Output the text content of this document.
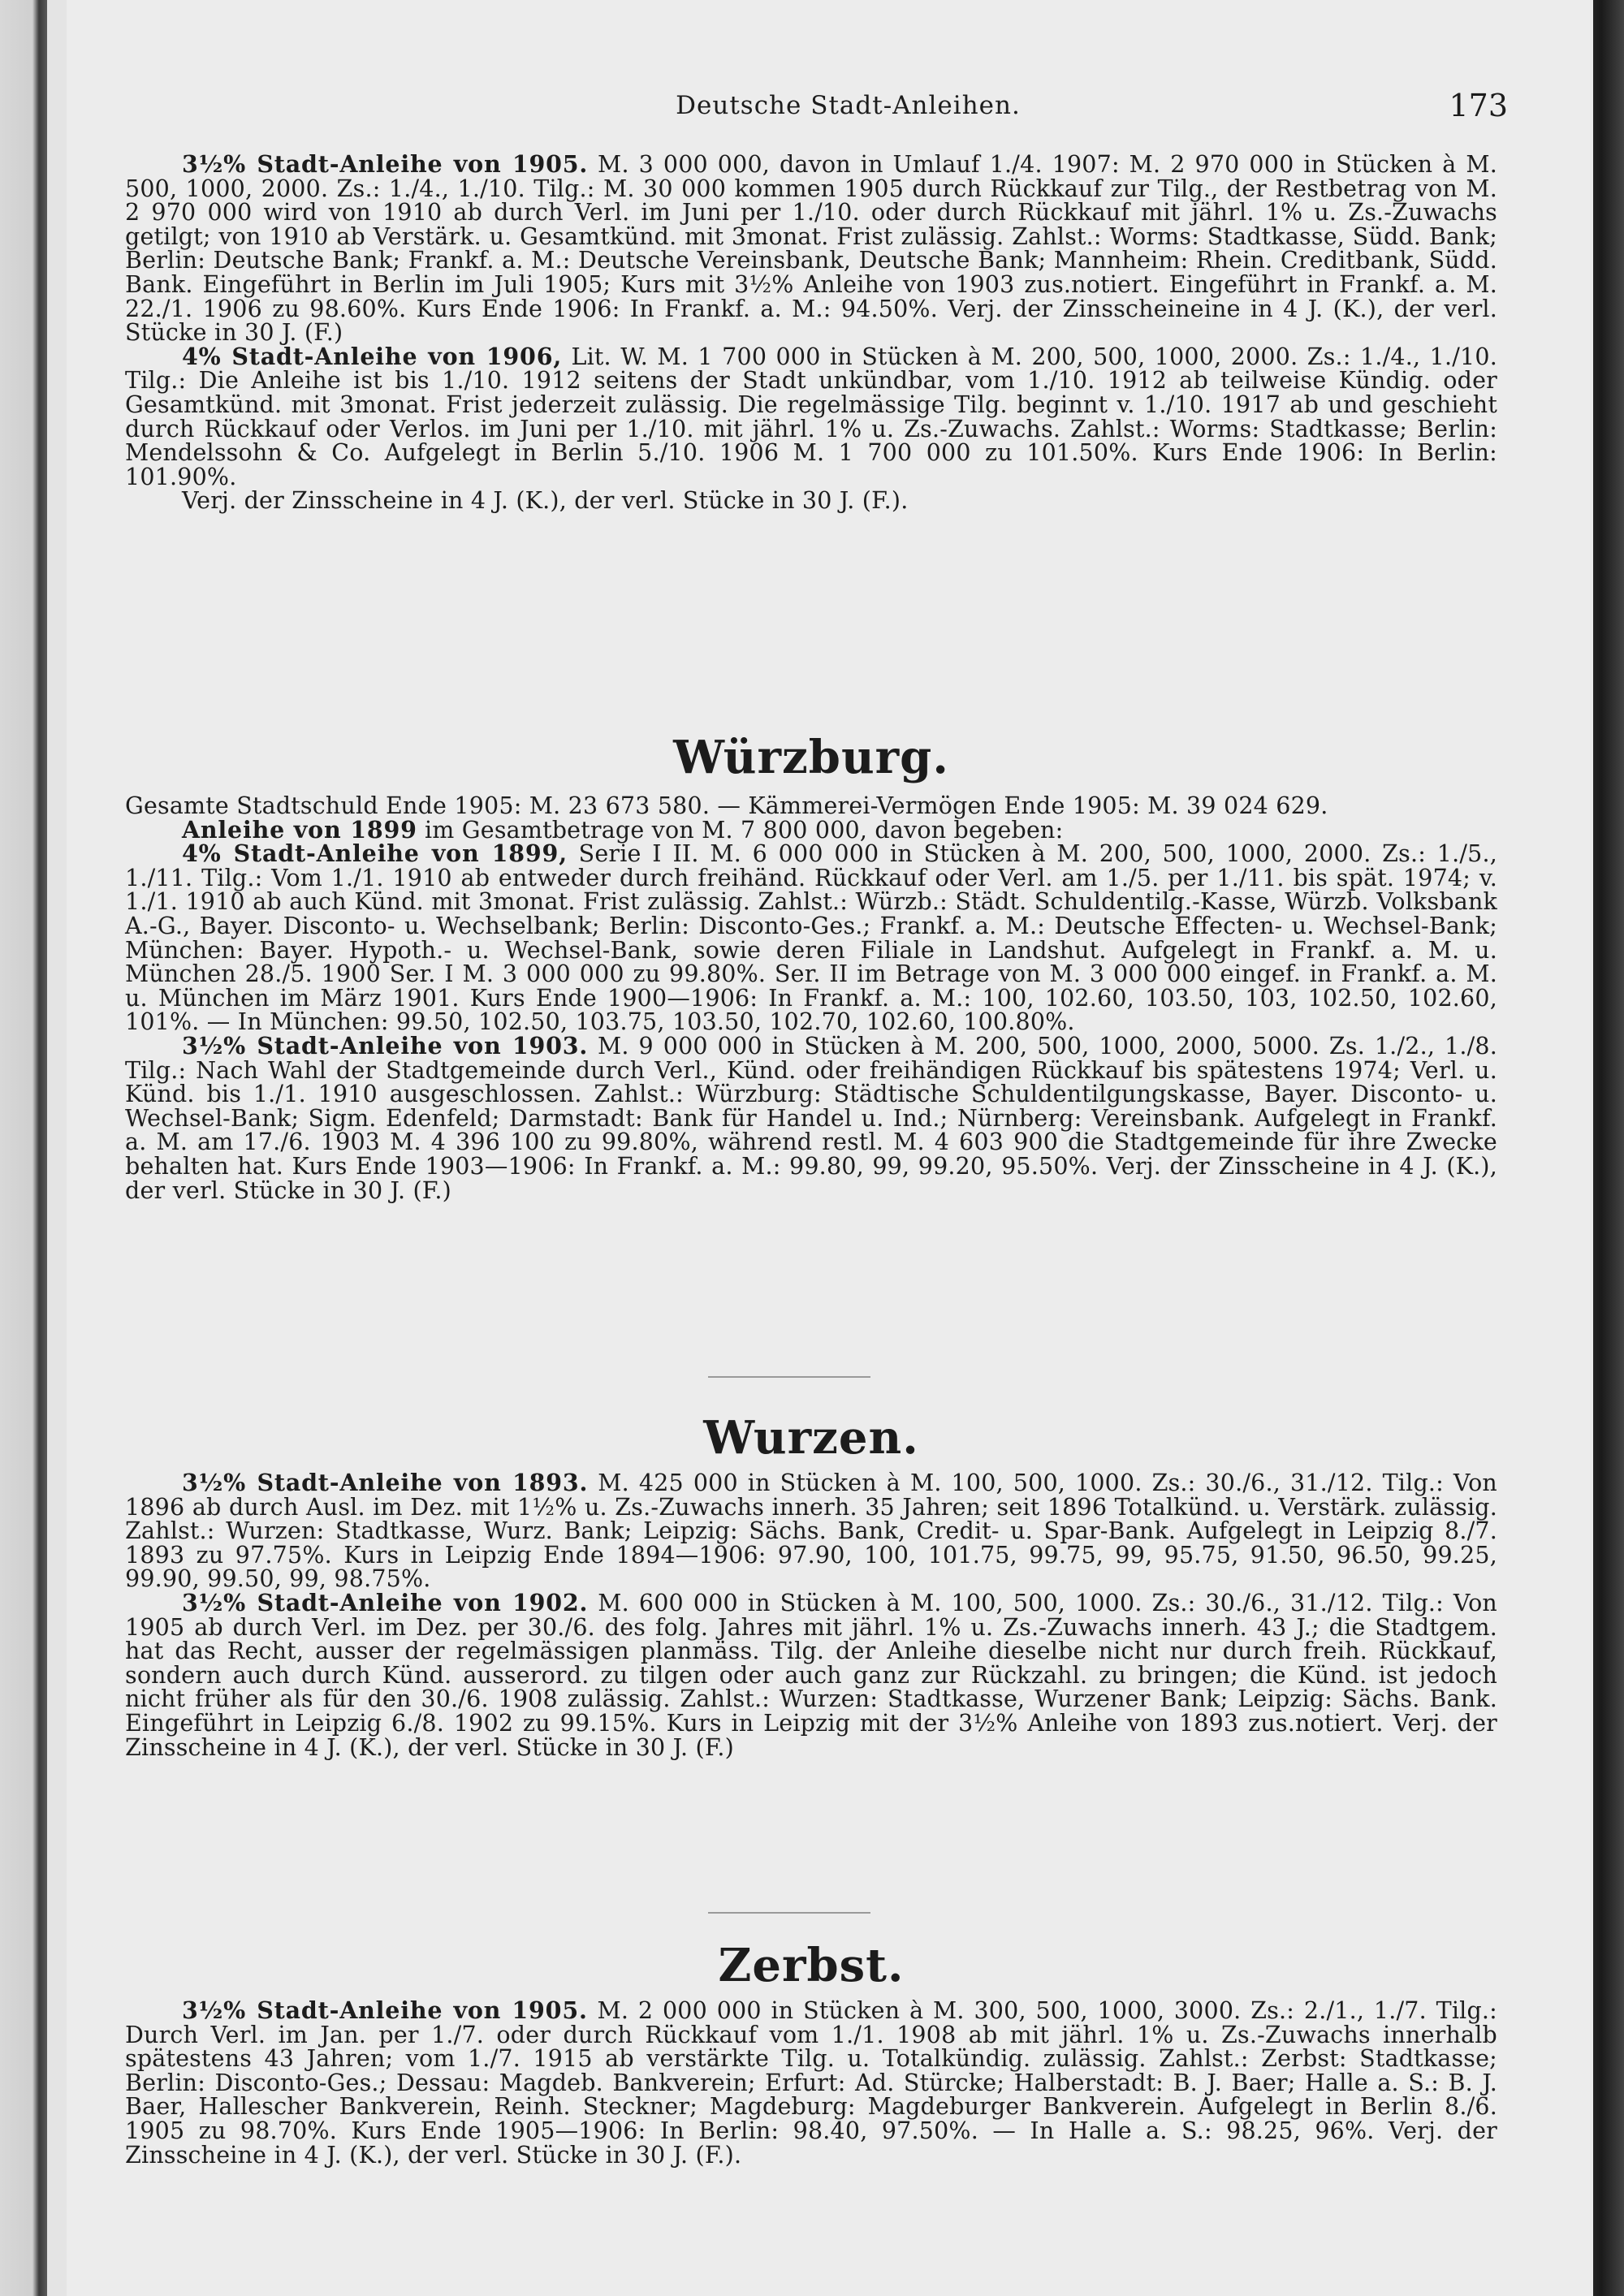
Deutsche Stadt-Anleihen.	173

3½% Stadt-Anleihe von 1905. M. 3 000 000, davon in Umlauf 1./4. 1907: M. 2 970 000 in Stücken à M. 500, 1000, 2000. Zs.: 1./4., 1./10. Tilg.: M. 30 000 kommen 1905 durch Rückkauf zur Tilg., der Restbetrag von M. 2 970 000 wird von 1910 ab durch Verl. im Juni per 1./10. oder durch Rückkauf mit jährl. 1% u. Zs.-Zuwachs getilgt; von 1910 ab Verstärk. u. Gesamtkünd. mit 3monat. Frist zulässig. Zahlst.: Worms: Stadtkasse, Südd. Bank; Berlin: Deutsche Bank; Frankf. a. M.: Deutsche Vereinsbank, Deutsche Bank; Mannheim: Rhein. Creditbank, Südd. Bank. Eingeführt in Berlin im Juli 1905; Kurs mit 3½% Anleihe von 1903 zus.notiert. Eingeführt in Frankf. a. M. 22./1. 1906 zu 98.60%. Kurs Ende 1906: In Frankf. a. M.: 94.50%. Verj. der Zinsscheineine in 4 J. (K.), der verl. Stücke in 30 J. (F.)

4% Stadt-Anleihe von 1906, Lit. W. M. 1 700 000 in Stücken à M. 200, 500, 1000, 2000. Zs.: 1./4., 1./10. Tilg.: Die Anleihe ist bis 1./10. 1912 seitens der Stadt unkündbar, vom 1./10. 1912 ab teilweise Kündig. oder Gesamtkünd. mit 3monat. Frist jederzeit zulässig. Die regelmässige Tilg. beginnt v. 1./10. 1917 ab und geschieht durch Rückkauf oder Verlos. im Juni per 1./10. mit jährl. 1% u. Zs.-Zuwachs. Zahlst.: Worms: Stadtkasse; Berlin: Mendelssohn & Co. Aufgelegt in Berlin 5./10. 1906 M. 1 700 000 zu 101.50%. Kurs Ende 1906: In Berlin: 101.90%.

Verj. der Zinsscheine in 4 J. (K.), der verl. Stücke in 30 J. (F.).

Würzburg.

Gesamte Stadtschuld Ende 1905: M. 23 673 580. — Kämmerei-Vermögen Ende 1905: M. 39 024 629.

Anleihe von 1899 im Gesamtbetrage von M. 7 800 000, davon begeben:

4% Stadt-Anleihe von 1899, Serie I II. M. 6 000 000 in Stücken à M. 200, 500, 1000, 2000. Zs.: 1./5., 1./11. Tilg.: Vom 1./1. 1910 ab entweder durch freihänd. Rückkauf oder Verl. am 1./5. per 1./11. bis spät. 1974; v. 1./1. 1910 ab auch Künd. mit 3monat. Frist zulässig. Zahlst.: Würzb.: Städt. Schuldentilg.-Kasse, Würzb. Volksbank A.-G., Bayer. Disconto- u. Wechselbank; Berlin: Disconto-Ges.; Frankf. a. M.: Deutsche Effecten- u. Wechsel-Bank; München: Bayer. Hypoth.- u. Wechsel-Bank, sowie deren Filiale in Landshut. Aufgelegt in Frankf. a. M. u. München 28./5. 1900 Ser. I M. 3 000 000 zu 99.80%. Ser. II im Betrage von M. 3 000 000 eingef. in Frankf. a. M. u. München im März 1901. Kurs Ende 1900—1906: In Frankf. a. M.: 100, 102.60, 103.50, 103, 102.50, 102.60, 101%. — In München: 99.50, 102.50, 103.75, 103.50, 102.70, 102.60, 100.80%.

3½% Stadt-Anleihe von 1903. M. 9 000 000 in Stücken à M. 200, 500, 1000, 2000, 5000. Zs. 1./2., 1./8. Tilg.: Nach Wahl der Stadtgemeinde durch Verl., Künd. oder freihändigen Rückkauf bis spätestens 1974; Verl. u. Künd. bis 1./1. 1910 ausgeschlossen. Zahlst.: Würzburg: Städtische Schuldentilgungskasse, Bayer. Disconto- u. Wechsel-Bank; Sigm. Edenfeld; Darmstadt: Bank für Handel u. Ind.; Nürnberg: Vereinsbank. Aufgelegt in Frankf. a. M. am 17./6. 1903 M. 4 396 100 zu 99.80%, während restl. M. 4 603 900 die Stadtgemeinde für ihre Zwecke behalten hat. Kurs Ende 1903—1906: In Frankf. a. M.: 99.80, 99, 99.20, 95.50%. Verj. der Zinsscheine in 4 J. (K.), der verl. Stücke in 30 J. (F.)

Wurzen.

3½% Stadt-Anleihe von 1893. M. 425 000 in Stücken à M. 100, 500, 1000. Zs.: 30./6., 31./12. Tilg.: Von 1896 ab durch Ausl. im Dez. mit 1½% u. Zs.-Zuwachs innerh. 35 Jahren; seit 1896 Totalkünd. u. Verstärk. zulässig. Zahlst.: Wurzen: Stadtkasse, Wurz. Bank; Leipzig: Sächs. Bank, Credit- u. Spar-Bank. Aufgelegt in Leipzig 8./7. 1893 zu 97.75%. Kurs in Leipzig Ende 1894—1906: 97.90, 100, 101.75, 99.75, 99, 95.75, 91.50, 96.50, 99.25, 99.90, 99.50, 99, 98.75%.

3½% Stadt-Anleihe von 1902. M. 600 000 in Stücken à M. 100, 500, 1000. Zs.: 30./6., 31./12. Tilg.: Von 1905 ab durch Verl. im Dez. per 30./6. des folg. Jahres mit jährl. 1% u. Zs.-Zuwachs innerh. 43 J.; die Stadtgem. hat das Recht, ausser der regelmässigen planmäss. Tilg. der Anleihe dieselbe nicht nur durch freih. Rückkauf, sondern auch durch Künd. ausserord. zu tilgen oder auch ganz zur Rückzahl. zu bringen; die Künd. ist jedoch nicht früher als für den 30./6. 1908 zulässig. Zahlst.: Wurzen: Stadtkasse, Wurzener Bank; Leipzig: Sächs. Bank. Eingeführt in Leipzig 6./8. 1902 zu 99.15%. Kurs in Leipzig mit der 3½% Anleihe von 1893 zus.notiert. Verj. der Zinsscheine in 4 J. (K.), der verl. Stücke in 30 J. (F.)

Zerbst.

3½% Stadt-Anleihe von 1905. M. 2 000 000 in Stücken à M. 300, 500, 1000, 3000. Zs.: 2./1., 1./7. Tilg.: Durch Verl. im Jan. per 1./7. oder durch Rückkauf vom 1./1. 1908 ab mit jährl. 1% u. Zs.-Zuwachs innerhalb spätestens 43 Jahren; vom 1./7. 1915 ab verstärkte Tilg. u. Totalkündig. zulässig. Zahlst.: Zerbst: Stadtkasse; Berlin: Disconto-Ges.; Dessau: Magdeb. Bankverein; Erfurt: Ad. Stürcke; Halberstadt: B. J. Baer; Halle a. S.: B. J. Baer, Hallescher Bankverein, Reinh. Steckner; Magdeburg: Magdeburger Bankverein. Aufgelegt in Berlin 8./6. 1905 zu 98.70%. Kurs Ende 1905—1906: In Berlin: 98.40, 97.50%. — In Halle a. S.: 98.25, 96%. Verj. der Zinsscheine in 4 J. (K.), der verl. Stücke in 30 J. (F.).
